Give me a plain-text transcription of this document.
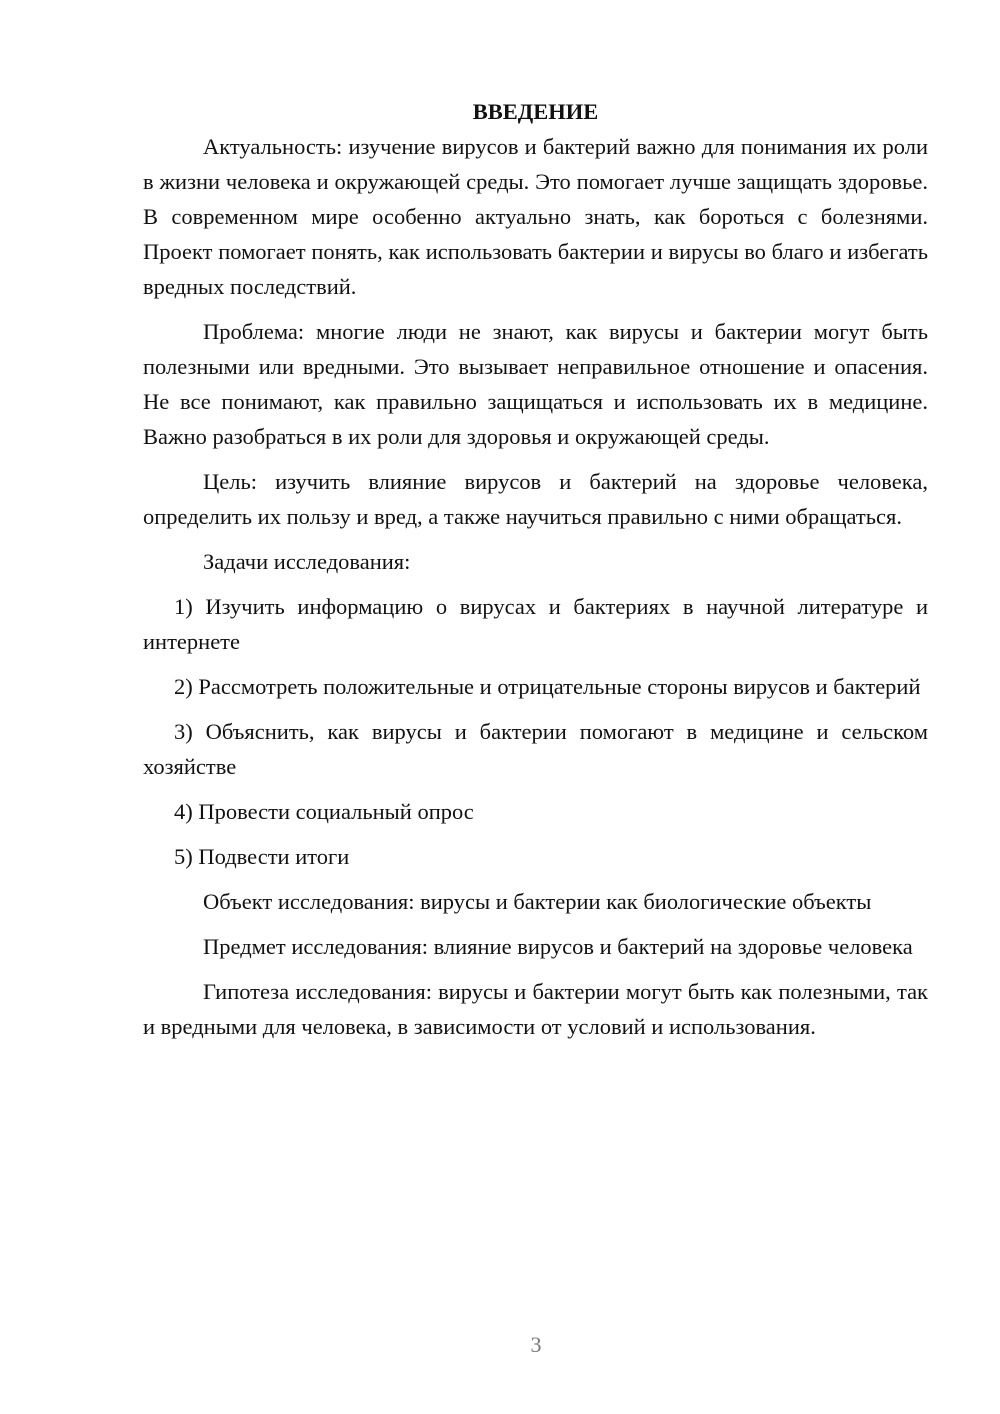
ВВЕДЕНИЕ

Актуальность: изучение вирусов и бактерий важно для понимания их роли в жизни человека и окружающей среды. Это помогает лучше защищать здоровье. В современном мире особенно актуально знать, как бороться с болезнями. Проект помогает понять, как использовать бактерии и вирусы во благо и избегать вредных последствий.

Проблема: многие люди не знают, как вирусы и бактерии могут быть полезными или вредными. Это вызывает неправильное отношение и опасения. Не все понимают, как правильно защищаться и использовать их в медицине. Важно разобраться в их роли для здоровья и окружающей среды.

Цель: изучить влияние вирусов и бактерий на здоровье человека, определить их пользу и вред, а также научиться правильно с ними обращаться.

Задачи исследования:

1) Изучить информацию о вирусах и бактериях в научной литературе и интернете

2) Рассмотреть положительные и отрицательные стороны вирусов и бактерий

3) Объяснить, как вирусы и бактерии помогают в медицине и сельском хозяйстве

4) Провести социальный опрос

5) Подвести итоги

Объект исследования: вирусы и бактерии как биологические объекты

Предмет исследования: влияние вирусов и бактерий на здоровье человека

Гипотеза исследования: вирусы и бактерии могут быть как полезными, так и вредными для человека, в зависимости от условий и использования.

3
